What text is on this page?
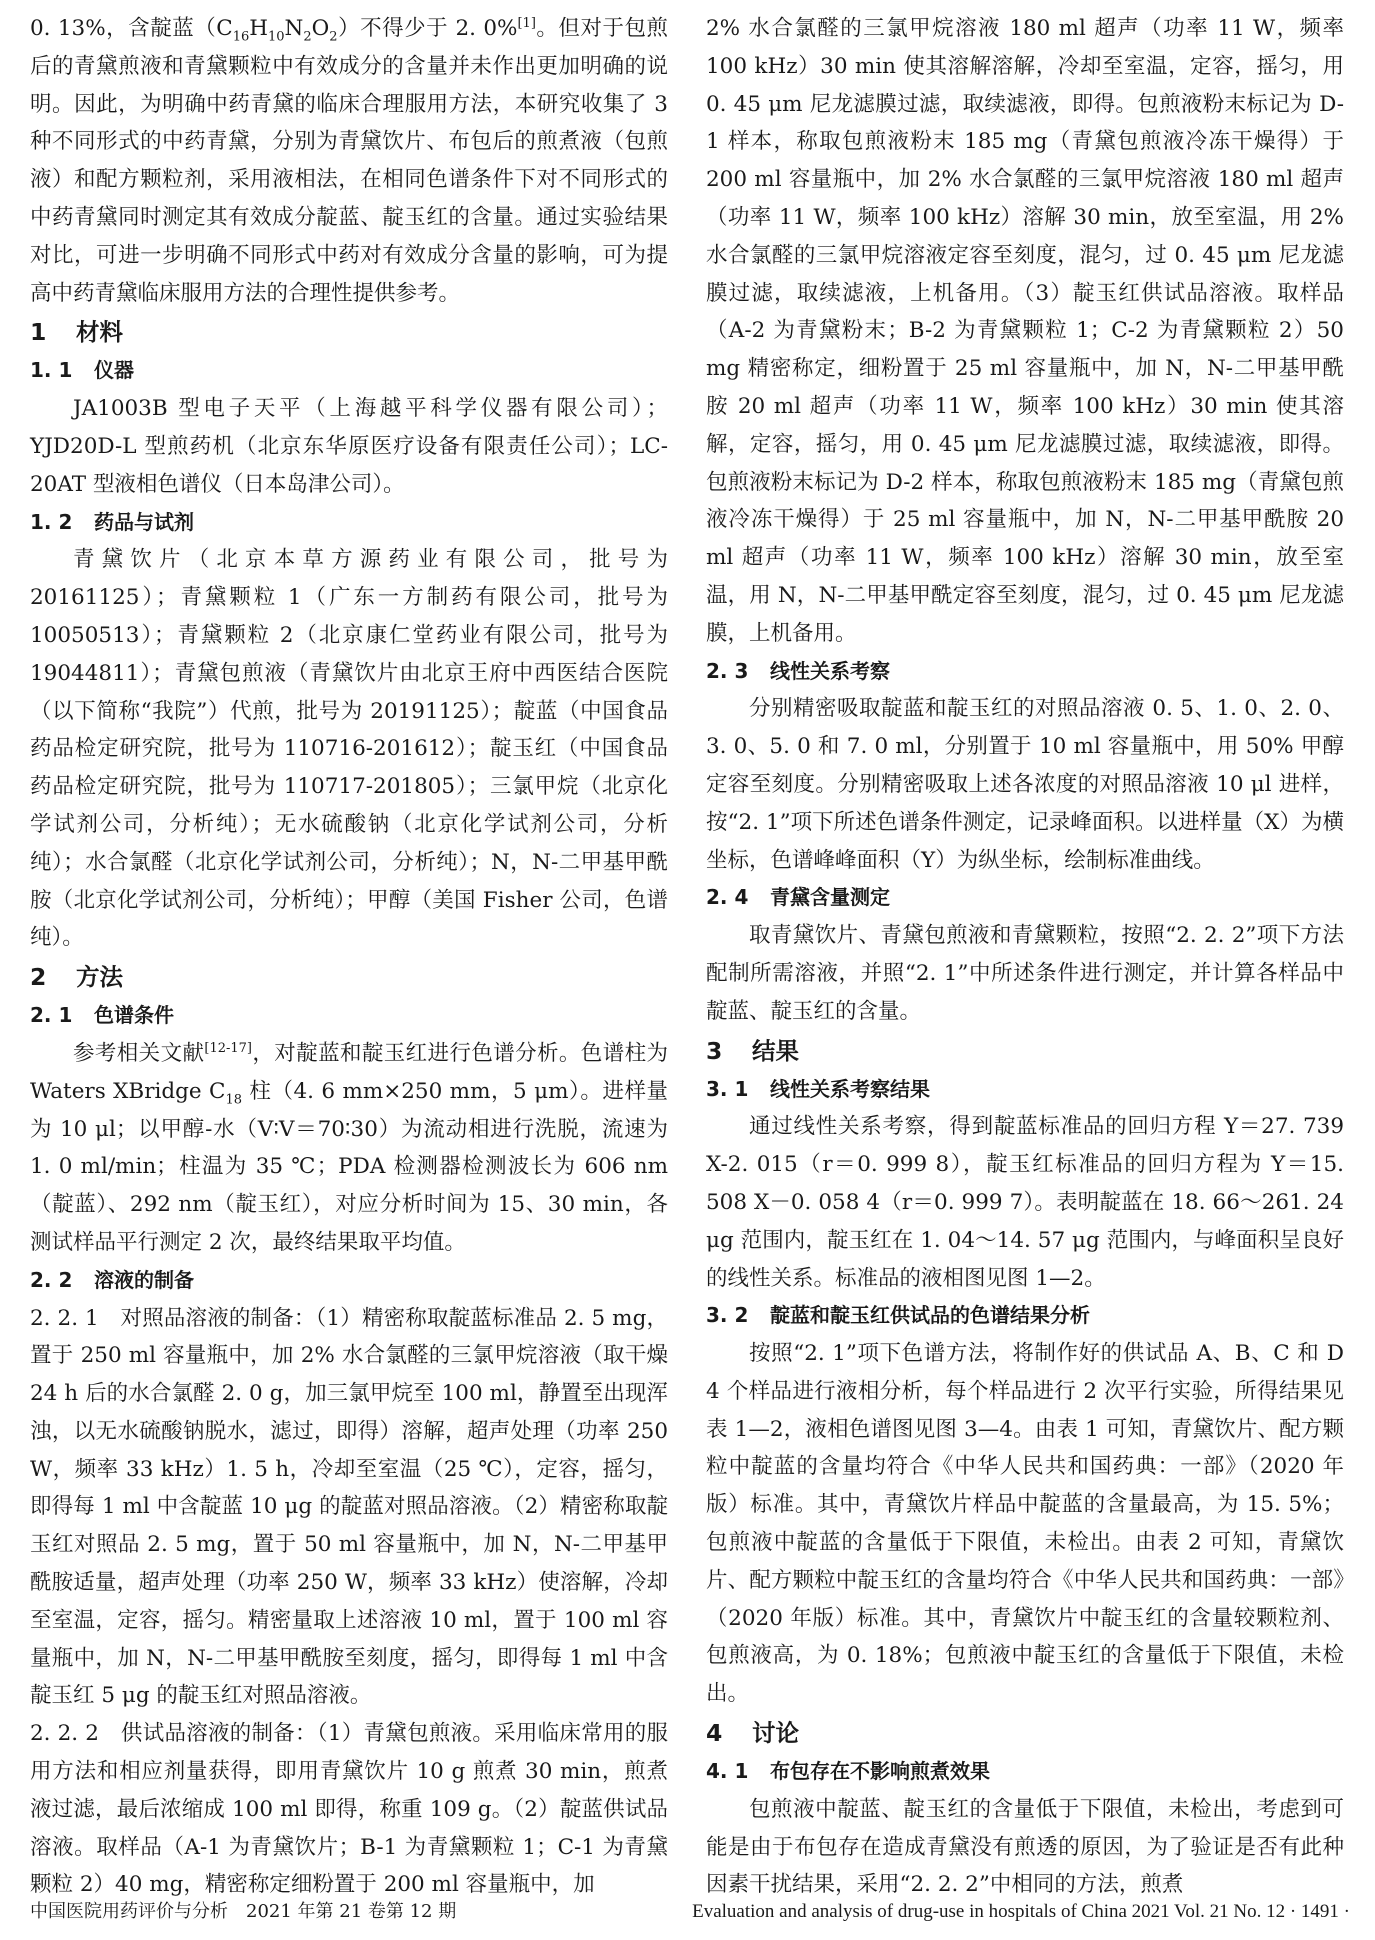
0. 13%，含靛蓝$(C_{16}H_{10}N_2O_2)$不得少于 2. 0%[1]。但对于包煎后的青黛煎液和青黛颗粒中有效成分的含量并未作出更加明确的说明。因此，为明确中药青黛的临床合理服用方法，本研究收集了 3 种不同形式的中药青黛，分别为青黛饮片、布包后的煎煮液（包煎液）和配方颗粒剂，采用液相法，在相同色谱条件下对不同形式的中药青黛同时测定其有效成分靛蓝、靛玉红的含量。通过实验结果对比，可进一步明确不同形式中药对有效成分含量的影响，可为提高中药青黛临床服用方法的合理性提供参考。

1 材料
1. 1 仪器

JA1003B 型电子天平（上海越平科学仪器有限公司）；YJD20D-L 型煎药机（北京东华原医疗设备有限责任公司）；LC-20AT 型液相色谱仪（日本岛津公司）。

1. 2 药品与试剂

青黛饮片（北京本草方源药业有限公司，批号为 20161125）；青黛颗粒 1（广东一方制药有限公司，批号为 10050513）；青黛颗粒 2（北京康仁堂药业有限公司，批号为 19044811）；青黛包煎液（青黛饮片由北京王府中西医结合医院（以下简称“我院”）代煎，批号为 20191125）；靛蓝（中国食品药品检定研究院，批号为 110716-201612）；靛玉红（中国食品药品检定研究院，批号为 110717-201805）；三氯甲烷（北京化学试剂公司，分析纯）；无水硫酸钠（北京化学试剂公司，分析纯）；水合氯醛（北京化学试剂公司，分析纯）；N，N-二甲基甲酰胺（北京化学试剂公司，分析纯）；甲醇（美国 Fisher 公司，色谱纯）。

2 方法
2. 1 色谱条件

参考相关文献[12-17]，对靛蓝和靛玉红进行色谱分析。色谱柱为 Waters XBridge $C_{18}$ 柱（4. 6 mm×250 mm，5 μm）。进样量为 10 μl；以甲醇-水（V∶V＝70∶30）为流动相进行洗脱，流速为 1. 0 ml/min；柱温为 35 ℃；PDA 检测器检测波长为 606 nm（靛蓝）、292 nm（靛玉红），对应分析时间为 15、30 min，各测试样品平行测定 2 次，最终结果取平均值。

2. 2 溶液的制备

2. 2. 1　对照品溶液的制备：（1）精密称取靛蓝标准品 2. 5 mg，置于 250 ml 容量瓶中，加 2% 水合氯醛的三氯甲烷溶液（取干燥 24 h 后的水合氯醛 2. 0 g，加三氯甲烷至 100 ml，静置至出现浑浊，以无水硫酸钠脱水，滤过，即得）溶解，超声处理（功率 250 W，频率 33 kHz）1. 5 h，冷却至室温（25 ℃），定容，摇匀，即得每 1 ml 中含靛蓝 10 μg 的靛蓝对照品溶液。（2）精密称取靛玉红对照品 2. 5 mg，置于 50 ml 容量瓶中，加 N，N-二甲基甲酰胺适量，超声处理（功率 250 W，频率 33 kHz）使溶解，冷却至室温，定容，摇匀。精密量取上述溶液 10 ml，置于 100 ml 容量瓶中，加 N，N-二甲基甲酰胺至刻度，摇匀，即得每 1 ml 中含靛玉红 5 μg 的靛玉红对照品溶液。

2. 2. 2　供试品溶液的制备：（1）青黛包煎液。采用临床常用的服用方法和相应剂量获得，即用青黛饮片 10 g 煎煮 30 min，煎煮液过滤，最后浓缩成 100 ml 即得，称重 109 g。（2）靛蓝供试品溶液。取样品（A-1 为青黛饮片；B-1 为青黛颗粒 1；C-1 为青黛颗粒 2）40 mg，精密称定细粉置于 200 ml 容量瓶中，加

2% 水合氯醛的三氯甲烷溶液 180 ml 超声（功率 11 W，频率 100 kHz）30 min 使其溶解溶解，冷却至室温，定容，摇匀，用 0. 45 μm 尼龙滤膜过滤，取续滤液，即得。包煎液粉末标记为 D-1 样本，称取包煎液粉末 185 mg（青黛包煎液冷冻干燥得）于 200 ml 容量瓶中，加 2% 水合氯醛的三氯甲烷溶液 180 ml 超声（功率 11 W，频率 100 kHz）溶解 30 min，放至室温，用 2% 水合氯醛的三氯甲烷溶液定容至刻度，混匀，过 0. 45 μm 尼龙滤膜过滤，取续滤液，上机备用。（3）靛玉红供试品溶液。取样品（A-2 为青黛粉末；B-2 为青黛颗粒 1；C-2 为青黛颗粒 2）50 mg 精密称定，细粉置于 25 ml 容量瓶中，加 N，N-二甲基甲酰胺 20 ml 超声（功率 11 W，频率 100 kHz）30 min 使其溶解，定容，摇匀，用 0. 45 μm 尼龙滤膜过滤，取续滤液，即得。包煎液粉末标记为 D-2 样本，称取包煎液粉末 185 mg（青黛包煎液冷冻干燥得）于 25 ml 容量瓶中，加 N，N-二甲基甲酰胺 20 ml 超声（功率 11 W，频率 100 kHz）溶解 30 min，放至室温，用 N，N-二甲基甲酰定容至刻度，混匀，过 0. 45 μm 尼龙滤膜，上机备用。

2. 3 线性关系考察

分别精密吸取靛蓝和靛玉红的对照品溶液 0. 5、1. 0、2. 0、3. 0、5. 0 和 7. 0 ml，分别置于 10 ml 容量瓶中，用 50% 甲醇定容至刻度。分别精密吸取上述各浓度的对照品溶液 10 μl 进样，按“2. 1”项下所述色谱条件测定，记录峰面积。以进样量（X）为横坐标，色谱峰峰面积（Y）为纵坐标，绘制标准曲线。

2. 4 青黛含量测定

取青黛饮片、青黛包煎液和青黛颗粒，按照“2. 2. 2”项下方法配制所需溶液，并照“2. 1”中所述条件进行测定，并计算各样品中靛蓝、靛玉红的含量。

3 结果
3. 1 线性关系考察结果

通过线性关系考察，得到靛蓝标准品的回归方程 Y＝27. 739 X-2. 015（r＝0. 999 8），靛玉红标准品的回归方程为 Y＝15. 508 X－0. 058 4（r＝0. 999 7）。表明靛蓝在 18. 66～261. 24 μg 范围内，靛玉红在 1. 04～14. 57 μg 范围内，与峰面积呈良好的线性关系。标准品的液相图见图 1—2。

3. 2 靛蓝和靛玉红供试品的色谱结果分析

按照“2. 1”项下色谱方法，将制作好的供试品 A、B、C 和 D 4 个样品进行液相分析，每个样品进行 2 次平行实验，所得结果见表 1—2，液相色谱图见图 3—4。由表 1 可知，青黛饮片、配方颗粒中靛蓝的含量均符合《中华人民共和国药典：一部》（2020 年版）标准。其中，青黛饮片样品中靛蓝的含量最高，为 15. 5%；包煎液中靛蓝的含量低于下限值，未检出。由表 2 可知，青黛饮片、配方颗粒中靛玉红的含量均符合《中华人民共和国药典：一部》（2020 年版）标准。其中，青黛饮片中靛玉红的含量较颗粒剂、包煎液高，为 0. 18%；包煎液中靛玉红的含量低于下限值，未检出。

4 讨论
4. 1 布包存在不影响煎煮效果

包煎液中靛蓝、靛玉红的含量低于下限值，未检出，考虑到可能是由于布包存在造成青黛没有煎透的原因，为了验证是否有此种因素干扰结果，采用“2. 2. 2”中相同的方法，煎煮

中国医院用药评价与分析　2021 年第 21 卷第 12 期	Evaluation and analysis of drug-use in hospitals of China 2021 Vol. 21 No. 12 · 1491 ·
